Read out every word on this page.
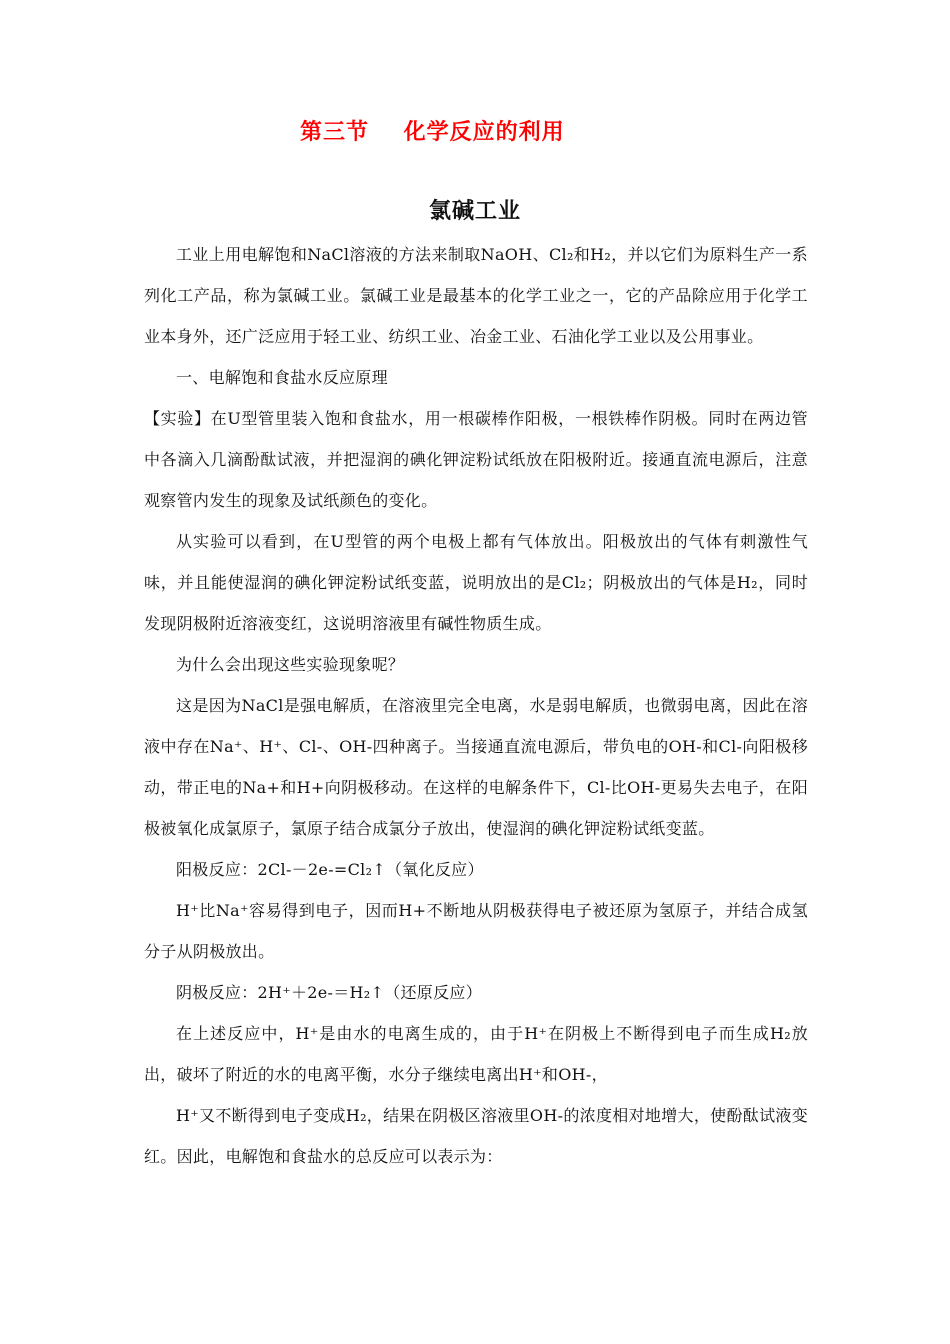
第三节    化学反应的利用
氯碱工业

工业上用电解饱和NaCl溶液的方法来制取NaOH、Cl₂和H₂，并以它们为原料生产一系列化工产品，称为氯碱工业。氯碱工业是最基本的化学工业之一，它的产品除应用于化学工业本身外，还广泛应用于轻工业、纺织工业、冶金工业、石油化学工业以及公用事业。

一、电解饱和食盐水反应原理

【实验】在U型管里装入饱和食盐水，用一根碳棒作阳极，一根铁棒作阴极。同时在两边管中各滴入几滴酚酞试液，并把湿润的碘化钾淀粉试纸放在阳极附近。接通直流电源后，注意观察管内发生的现象及试纸颜色的变化。

从实验可以看到，在U型管的两个电极上都有气体放出。阳极放出的气体有刺激性气味，并且能使湿润的碘化钾淀粉试纸变蓝，说明放出的是Cl₂；阴极放出的气体是H₂，同时发现阴极附近溶液变红，这说明溶液里有碱性物质生成。

为什么会出现这些实验现象呢？

这是因为NaCl是强电解质，在溶液里完全电离，水是弱电解质，也微弱电离，因此在溶液中存在Na⁺、H⁺、Cl-、OH-四种离子。当接通直流电源后，带负电的OH-和Cl-向阳极移动，带正电的Na+和H+向阴极移动。在这样的电解条件下，Cl-比OH-更易失去电子，在阳极被氧化成氯原子，氯原子结合成氯分子放出，使湿润的碘化钾淀粉试纸变蓝。

阳极反应：2Cl-－2e-=Cl₂↑（氧化反应）

H⁺比Na⁺容易得到电子，因而H+不断地从阴极获得电子被还原为氢原子，并结合成氢分子从阴极放出。

阴极反应：2H⁺＋2e-＝H₂↑（还原反应）

在上述反应中，H⁺是由水的电离生成的，由于H⁺在阴极上不断得到电子而生成H₂放出，破坏了附近的水的电离平衡，水分子继续电离出H⁺和OH-，

H⁺又不断得到电子变成H₂，结果在阴极区溶液里OH-的浓度相对地增大，使酚酞试液变红。因此，电解饱和食盐水的总反应可以表示为：
